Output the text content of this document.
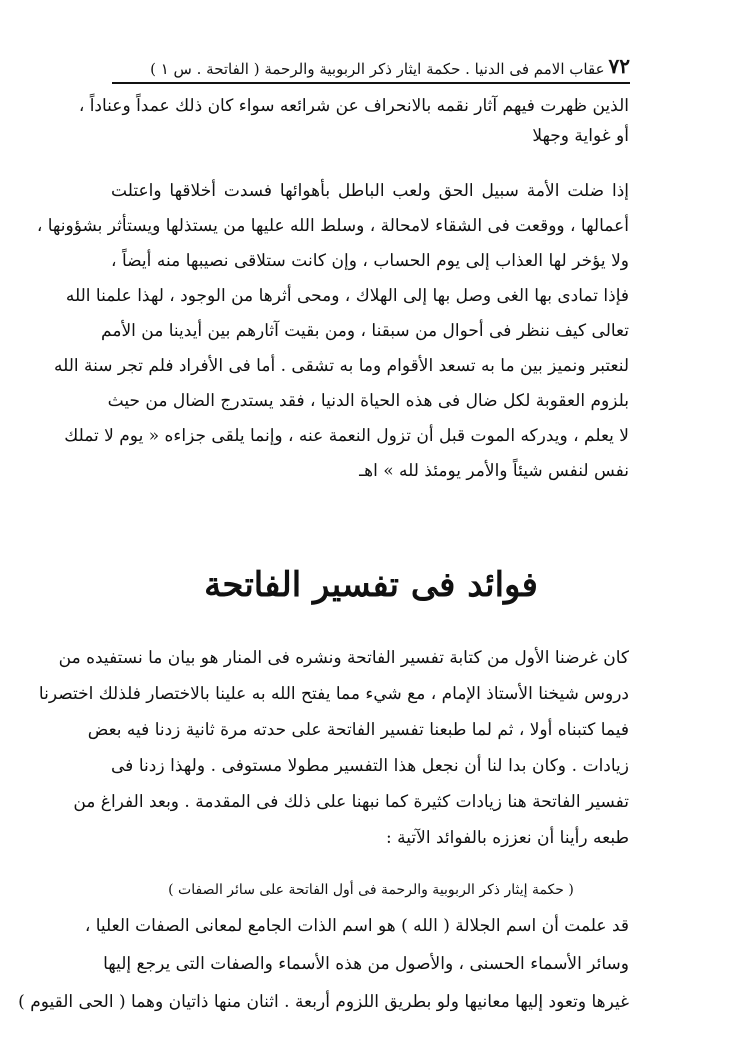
٧٢
عقاب الامم فى الدنيا . حكمة ايثار ذكر الربوبية والرحمة ( الفاتحة . س ١ )
الذين ظهرت فيهم آثار نقمه بالانحراف عن شرائعه سواء كان ذلك عمداً وعناداً ،
أو غواية وجهلا
إذا ضلت الأمة سبيل الحق ولعب الباطل بأهوائها فسدت أخلاقها واعتلت
أعمالها ، ووقعت فى الشقاء لامحالة ، وسلط الله عليها من يستذلها ويستأثر بشؤونها ،
ولا يؤخر لها العذاب إلى يوم الحساب ، وإن كانت ستلاقى نصيبها منه أيضاً ،
فإذا تمادى بها الغى وصل بها إلى الهلاك ، ومحى أثرها من الوجود ، لهذا علمنا الله
تعالى كيف ننظر فى أحوال من سبقنا ، ومن بقيت آثارهم بين أيدينا من الأمم
لنعتبر ونميز بين ما به تسعد الأقوام وما به تشقى . أما فى الأفراد فلم تجر سنة الله
بلزوم العقوبة لكل ضال فى هذه الحياة الدنيا ، فقد يستدرج الضال من حيث
لا يعلم ، ويدركه الموت قبل أن تزول النعمة عنه ، وإنما يلقى جزاءه « يوم لا تملك
نفس لنفس شيئاً والأمر يومئذ لله » اهـ
فوائد فى تفسير الفاتحة
كان غرضنا الأول من كتابة تفسير الفاتحة ونشره فى المنار هو بيان ما نستفيده من
دروس شيخنا الأستاذ الإمام ، مع شيء مما يفتح الله به علينا بالاختصار فلذلك اختصرنا
فيما كتبناه أولا ، ثم لما طبعنا تفسير الفاتحة على حدته مرة ثانية زدنا فيه بعض
زيادات . وكان بدا لنا أن نجعل هذا التفسير مطولا مستوفى . ولهذا زدنا فى
تفسير الفاتحة هنا زيادات كثيرة كما نبهنا على ذلك فى المقدمة . وبعد الفراغ من
طبعه رأينا أن نعززه بالفوائد الآتية :
( حكمة إيثار ذكر الربوبية والرحمة فى أول الفاتحة على سائر الصفات )
قد علمت أن اسم الجلالة ( الله ) هو اسم الذات الجامع لمعانى الصفات العليا ،
وسائر الأسماء الحسنى ، والأصول من هذه الأسماء والصفات التى يرجع إليها
غيرها وتعود إليها معانيها ولو بطريق اللزوم أربعة . اثنان منها ذاتيان وهما ( الحى القيوم )
